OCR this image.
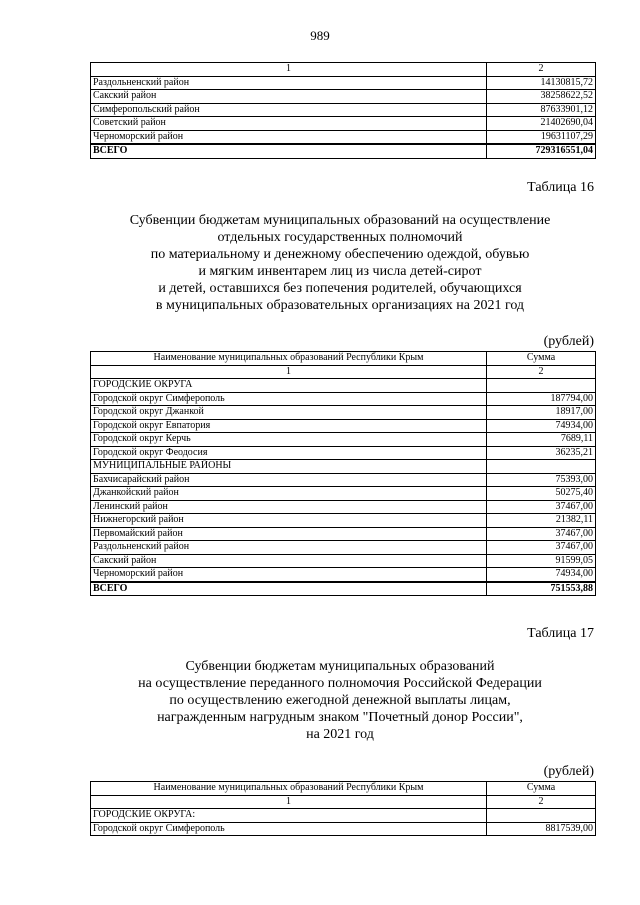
989
1	2
Раздольненский район	14130815,72
Сакский район	38258622,52
Симферопольский район	87633901,12
Советский район	21402690,04
Черноморский район	19631107,29
ВСЕГО	729316551,04
Таблица 16
Субвенции бюджетам муниципальных образований на осуществление
отдельных государственных полномочий
по материальному и денежному обеспечению одеждой, обувью
и мягким инвентарем лиц из числа детей-сирот
и детей, оставшихся без попечения родителей, обучающихся
в муниципальных образовательных организациях на 2021 год
(рублей)
Наименование муниципальных образований Республики Крым	Сумма
1	2
ГОРОДСКИЕ ОКРУГА	
Городской округ Симферополь	187794,00
Городской округ Джанкой	18917,00
Городской округ Евпатория	74934,00
Городской округ Керчь	7689,11
Городской округ Феодосия	36235,21
МУНИЦИПАЛЬНЫЕ РАЙОНЫ	
Бахчисарайский район	75393,00
Джанкойский район	50275,40
Ленинский район	37467,00
Нижнегорский район	21382,11
Первомайский район	37467,00
Раздольненский район	37467,00
Сакский район	91599,05
Черноморский район	74934,00
ВСЕГО	751553,88
Таблица 17
Субвенции бюджетам муниципальных образований
на осуществление переданного полномочия Российской Федерации
по осуществлению ежегодной денежной выплаты лицам,
награжденным нагрудным знаком "Почетный донор России",
на 2021 год
(рублей)
Наименование муниципальных образований Республики Крым	Сумма
1	2
ГОРОДСКИЕ ОКРУГА:	
Городской округ Симферополь	8817539,00
